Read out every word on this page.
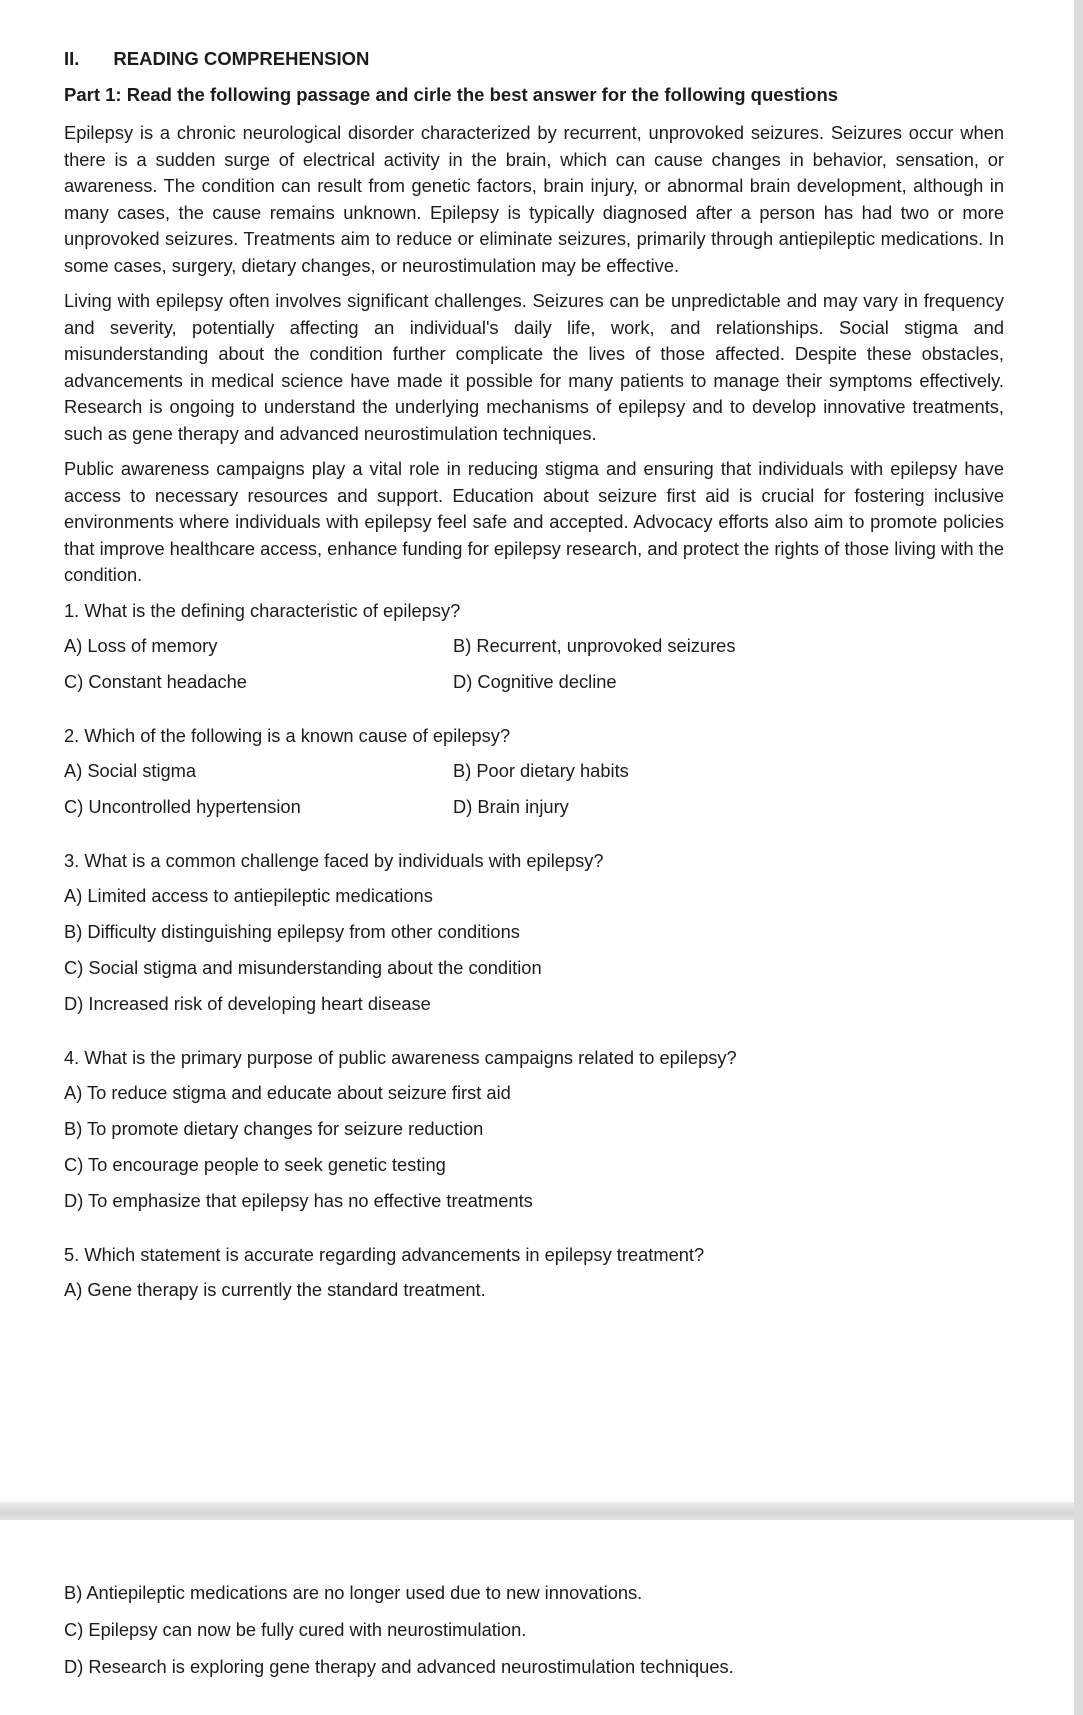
II. READING COMPREHENSION
Part 1: Read the following passage and cirle the best answer for the following questions

Epilepsy is a chronic neurological disorder characterized by recurrent, unprovoked seizures. Seizures occur when there is a sudden surge of electrical activity in the brain, which can cause changes in behavior, sensation, or awareness. The condition can result from genetic factors, brain injury, or abnormal brain development, although in many cases, the cause remains unknown. Epilepsy is typically diagnosed after a person has had two or more unprovoked seizures. Treatments aim to reduce or eliminate seizures, primarily through antiepileptic medications. In some cases, surgery, dietary changes, or neurostimulation may be effective.

Living with epilepsy often involves significant challenges. Seizures can be unpredictable and may vary in frequency and severity, potentially affecting an individual's daily life, work, and relationships. Social stigma and misunderstanding about the condition further complicate the lives of those affected. Despite these obstacles, advancements in medical science have made it possible for many patients to manage their symptoms effectively. Research is ongoing to understand the underlying mechanisms of epilepsy and to develop innovative treatments, such as gene therapy and advanced neurostimulation techniques.

Public awareness campaigns play a vital role in reducing stigma and ensuring that individuals with epilepsy have access to necessary resources and support. Education about seizure first aid is crucial for fostering inclusive environments where individuals with epilepsy feel safe and accepted. Advocacy efforts also aim to promote policies that improve healthcare access, enhance funding for epilepsy research, and protect the rights of those living with the condition.

1. What is the defining characteristic of epilepsy?
A) Loss of memory	B) Recurrent, unprovoked seizures
C) Constant headache	D) Cognitive decline
2. Which of the following is a known cause of epilepsy?
A) Social stigma	B) Poor dietary habits
C) Uncontrolled hypertension	D) Brain injury
3. What is a common challenge faced by individuals with epilepsy?
A) Limited access to antiepileptic medications
B) Difficulty distinguishing epilepsy from other conditions
C) Social stigma and misunderstanding about the condition
D) Increased risk of developing heart disease
4. What is the primary purpose of public awareness campaigns related to epilepsy?
A) To reduce stigma and educate about seizure first aid
B) To promote dietary changes for seizure reduction
C) To encourage people to seek genetic testing
D) To emphasize that epilepsy has no effective treatments
5. Which statement is accurate regarding advancements in epilepsy treatment?
A) Gene therapy is currently the standard treatment.
B) Antiepileptic medications are no longer used due to new innovations.
C) Epilepsy can now be fully cured with neurostimulation.
D) Research is exploring gene therapy and advanced neurostimulation techniques.
